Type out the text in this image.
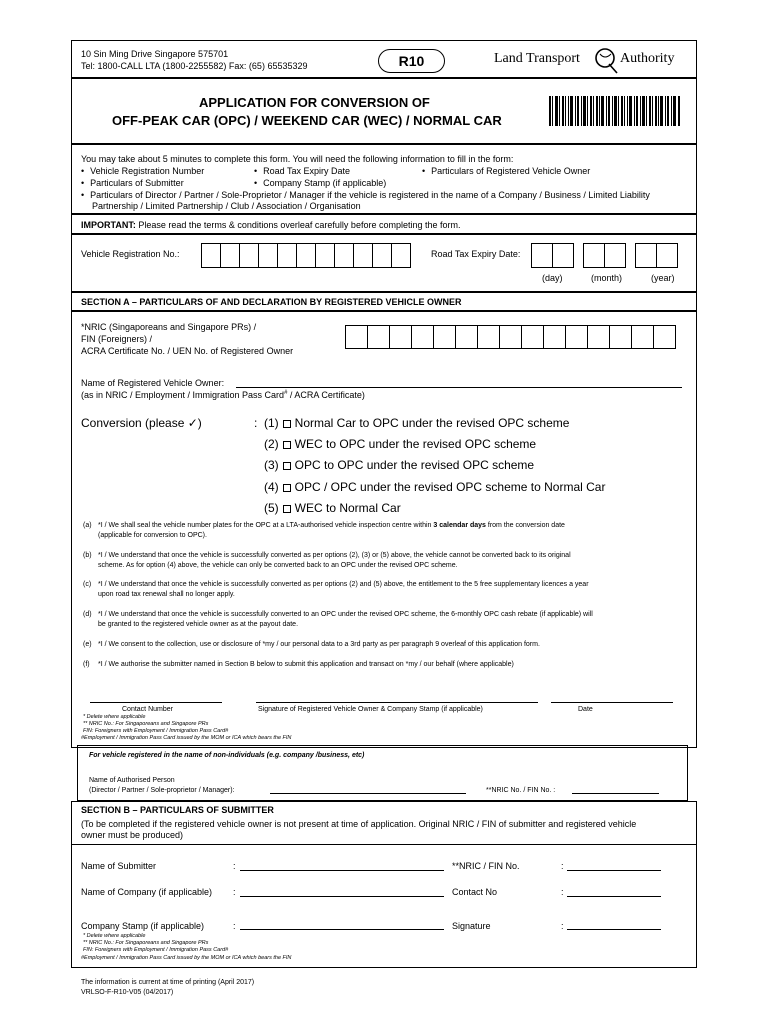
10 Sin Ming Drive Singapore 575701
Tel: 1800-CALL LTA (1800-2255582) Fax: (65) 65535329	R10	Land Transport	Authority
APPLICATION FOR CONVERSION OF
OFF-PEAK CAR (OPC) / WEEKEND CAR (WEC) / NORMAL CAR
You may take about 5 minutes to complete this form. You will need the following information to fill in the form:
• Vehicle Registration Number	• Road Tax Expiry Date	• Particulars of Registered Vehicle Owner
• Particulars of Submitter	• Company Stamp (if applicable)
• Particulars of Director / Partner / Sole-Proprietor / Manager if the vehicle is registered in the name of a Company / Business / Limited Liability
Partnership / Limited Partnership / Club / Association / Organisation
IMPORTANT: Please read the terms & conditions overleaf carefully before completing the form.
Vehicle Registration No.:	Road Tax Expiry Date:
(day)	(month)	(year)
SECTION A – PARTICULARS OF AND DECLARATION BY REGISTERED VEHICLE OWNER
*NRIC (Singaporeans and Singapore PRs) /
FIN (Foreigners) /
ACRA Certificate No. / UEN No. of Registered Owner
Name of Registered Vehicle Owner:
(as in NRIC / Employment / Immigration Pass Card# / ACRA Certificate)
Conversion (please ✓)	: (1) Normal Car to OPC under the revised OPC scheme
(2) WEC to OPC under the revised OPC scheme
(3) OPC to OPC under the revised OPC scheme
(4) OPC / OPC under the revised OPC scheme to Normal Car
(5) WEC to Normal Car
(a) *I / We shall seal the vehicle number plates for the OPC at a LTA-authorised vehicle inspection centre within 3 calendar days from the conversion date
(applicable for conversion to OPC).
(b) *I / We understand that once the vehicle is successfully converted as per options (2), (3) or (5) above, the vehicle cannot be converted back to its original
scheme. As for option (4) above, the vehicle can only be converted back to an OPC under the revised OPC scheme.
(c) *I / We understand that once the vehicle is successfully converted as per options (2) and (5) above, the entitlement to the 5 free supplementary licences a year
upon road tax renewal shall no longer apply.
(d) *I / We understand that once the vehicle is successfully converted to an OPC under the revised OPC scheme, the 6-monthly OPC cash rebate (if applicable) will
be granted to the registered vehicle owner as at the payout date.
(e) *I / We consent to the collection, use or disclosure of *my / our personal data to a 3rd party as per paragraph 9 overleaf of this application form.
(f) *I / We authorise the submitter named in Section B below to submit this application and transact on *my / our behalf (where applicable)
Contact Number	Signature of Registered Vehicle Owner & Company Stamp (if applicable)	Date
* Delete where applicable
** NRIC No.: For Singaporeans and Singapore PRs
FIN: Foreigners with Employment / Immigration Pass Card#
#Employment / Immigration Pass Card issued by the MOM or ICA which bears the FIN
For vehicle registered in the name of non-individuals (e.g. company /business, etc)
Name of Authorised Person
(Director / Partner / Sole-proprietor / Manager):	**NRIC No. / FIN No. :
SECTION B – PARTICULARS OF SUBMITTER
(To be completed if the registered vehicle owner is not present at time of application. Original NRIC / FIN of submitter and registered vehicle
owner must be produced)
Name of Submitter	:	**NRIC / FIN No.	:
Name of Company (if applicable) :	Contact No	:
Company Stamp (if applicable)	:	Signature	:
* Delete where applicable
** NRIC No.: For Singaporeans and Singapore PRs
FIN: Foreigners with Employment / Immigration Pass Card#
#Employment / Immigration Pass Card issued by the MOM or ICA which bears the FIN
The information is current at time of printing (April 2017)
VRLSO-F-R10-V05 (04/2017)
